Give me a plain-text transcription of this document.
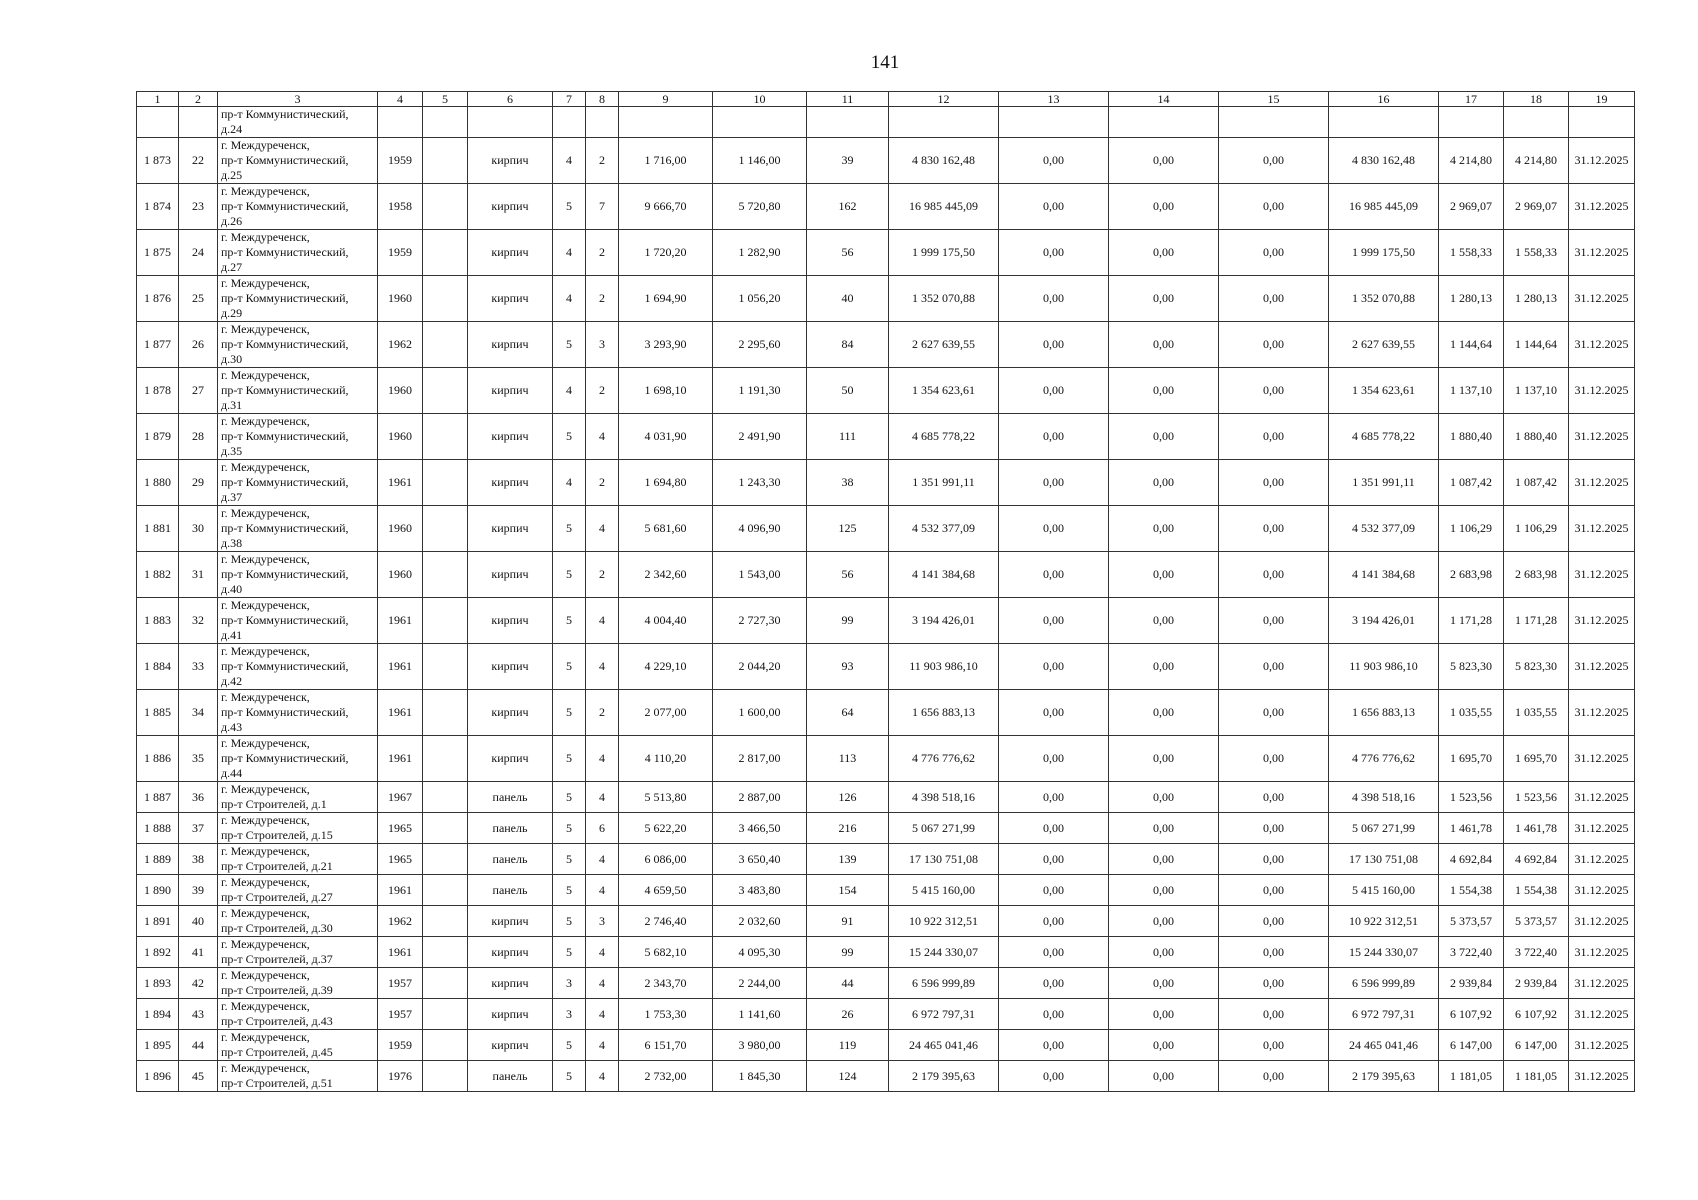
141
1	2	3	4	5	6	7	8	9	10	11	12	13	14	15	16	17	18	19
		пр-т Коммунистический,
д.24																
1 873	22	г. Междуреченск,
пр-т Коммунистический,
д.25	1959		кирпич	4	2	1 716,00	1 146,00	39	4 830 162,48	0,00	0,00	0,00	4 830 162,48	4 214,80	4 214,80	31.12.2025
1 874	23	г. Междуреченск,
пр-т Коммунистический,
д.26	1958		кирпич	5	7	9 666,70	5 720,80	162	16 985 445,09	0,00	0,00	0,00	16 985 445,09	2 969,07	2 969,07	31.12.2025
1 875	24	г. Междуреченск,
пр-т Коммунистический,
д.27	1959		кирпич	4	2	1 720,20	1 282,90	56	1 999 175,50	0,00	0,00	0,00	1 999 175,50	1 558,33	1 558,33	31.12.2025
1 876	25	г. Междуреченск,
пр-т Коммунистический,
д.29	1960		кирпич	4	2	1 694,90	1 056,20	40	1 352 070,88	0,00	0,00	0,00	1 352 070,88	1 280,13	1 280,13	31.12.2025
1 877	26	г. Междуреченск,
пр-т Коммунистический,
д.30	1962		кирпич	5	3	3 293,90	2 295,60	84	2 627 639,55	0,00	0,00	0,00	2 627 639,55	1 144,64	1 144,64	31.12.2025
1 878	27	г. Междуреченск,
пр-т Коммунистический,
д.31	1960		кирпич	4	2	1 698,10	1 191,30	50	1 354 623,61	0,00	0,00	0,00	1 354 623,61	1 137,10	1 137,10	31.12.2025
1 879	28	г. Междуреченск,
пр-т Коммунистический,
д.35	1960		кирпич	5	4	4 031,90	2 491,90	111	4 685 778,22	0,00	0,00	0,00	4 685 778,22	1 880,40	1 880,40	31.12.2025
1 880	29	г. Междуреченск,
пр-т Коммунистический,
д.37	1961		кирпич	4	2	1 694,80	1 243,30	38	1 351 991,11	0,00	0,00	0,00	1 351 991,11	1 087,42	1 087,42	31.12.2025
1 881	30	г. Междуреченск,
пр-т Коммунистический,
д.38	1960		кирпич	5	4	5 681,60	4 096,90	125	4 532 377,09	0,00	0,00	0,00	4 532 377,09	1 106,29	1 106,29	31.12.2025
1 882	31	г. Междуреченск,
пр-т Коммунистический,
д.40	1960		кирпич	5	2	2 342,60	1 543,00	56	4 141 384,68	0,00	0,00	0,00	4 141 384,68	2 683,98	2 683,98	31.12.2025
1 883	32	г. Междуреченск,
пр-т Коммунистический,
д.41	1961		кирпич	5	4	4 004,40	2 727,30	99	3 194 426,01	0,00	0,00	0,00	3 194 426,01	1 171,28	1 171,28	31.12.2025
1 884	33	г. Междуреченск,
пр-т Коммунистический,
д.42	1961		кирпич	5	4	4 229,10	2 044,20	93	11 903 986,10	0,00	0,00	0,00	11 903 986,10	5 823,30	5 823,30	31.12.2025
1 885	34	г. Междуреченск,
пр-т Коммунистический,
д.43	1961		кирпич	5	2	2 077,00	1 600,00	64	1 656 883,13	0,00	0,00	0,00	1 656 883,13	1 035,55	1 035,55	31.12.2025
1 886	35	г. Междуреченск,
пр-т Коммунистический,
д.44	1961		кирпич	5	4	4 110,20	2 817,00	113	4 776 776,62	0,00	0,00	0,00	4 776 776,62	1 695,70	1 695,70	31.12.2025
1 887	36	г. Междуреченск,
пр-т Строителей, д.1	1967		панель	5	4	5 513,80	2 887,00	126	4 398 518,16	0,00	0,00	0,00	4 398 518,16	1 523,56	1 523,56	31.12.2025
1 888	37	г. Междуреченск,
пр-т Строителей, д.15	1965		панель	5	6	5 622,20	3 466,50	216	5 067 271,99	0,00	0,00	0,00	5 067 271,99	1 461,78	1 461,78	31.12.2025
1 889	38	г. Междуреченск,
пр-т Строителей, д.21	1965		панель	5	4	6 086,00	3 650,40	139	17 130 751,08	0,00	0,00	0,00	17 130 751,08	4 692,84	4 692,84	31.12.2025
1 890	39	г. Междуреченск,
пр-т Строителей, д.27	1961		панель	5	4	4 659,50	3 483,80	154	5 415 160,00	0,00	0,00	0,00	5 415 160,00	1 554,38	1 554,38	31.12.2025
1 891	40	г. Междуреченск,
пр-т Строителей, д.30	1962		кирпич	5	3	2 746,40	2 032,60	91	10 922 312,51	0,00	0,00	0,00	10 922 312,51	5 373,57	5 373,57	31.12.2025
1 892	41	г. Междуреченск,
пр-т Строителей, д.37	1961		кирпич	5	4	5 682,10	4 095,30	99	15 244 330,07	0,00	0,00	0,00	15 244 330,07	3 722,40	3 722,40	31.12.2025
1 893	42	г. Междуреченск,
пр-т Строителей, д.39	1957		кирпич	3	4	2 343,70	2 244,00	44	6 596 999,89	0,00	0,00	0,00	6 596 999,89	2 939,84	2 939,84	31.12.2025
1 894	43	г. Междуреченск,
пр-т Строителей, д.43	1957		кирпич	3	4	1 753,30	1 141,60	26	6 972 797,31	0,00	0,00	0,00	6 972 797,31	6 107,92	6 107,92	31.12.2025
1 895	44	г. Междуреченск,
пр-т Строителей, д.45	1959		кирпич	5	4	6 151,70	3 980,00	119	24 465 041,46	0,00	0,00	0,00	24 465 041,46	6 147,00	6 147,00	31.12.2025
1 896	45	г. Междуреченск,
пр-т Строителей, д.51	1976		панель	5	4	2 732,00	1 845,30	124	2 179 395,63	0,00	0,00	0,00	2 179 395,63	1 181,05	1 181,05	31.12.2025
